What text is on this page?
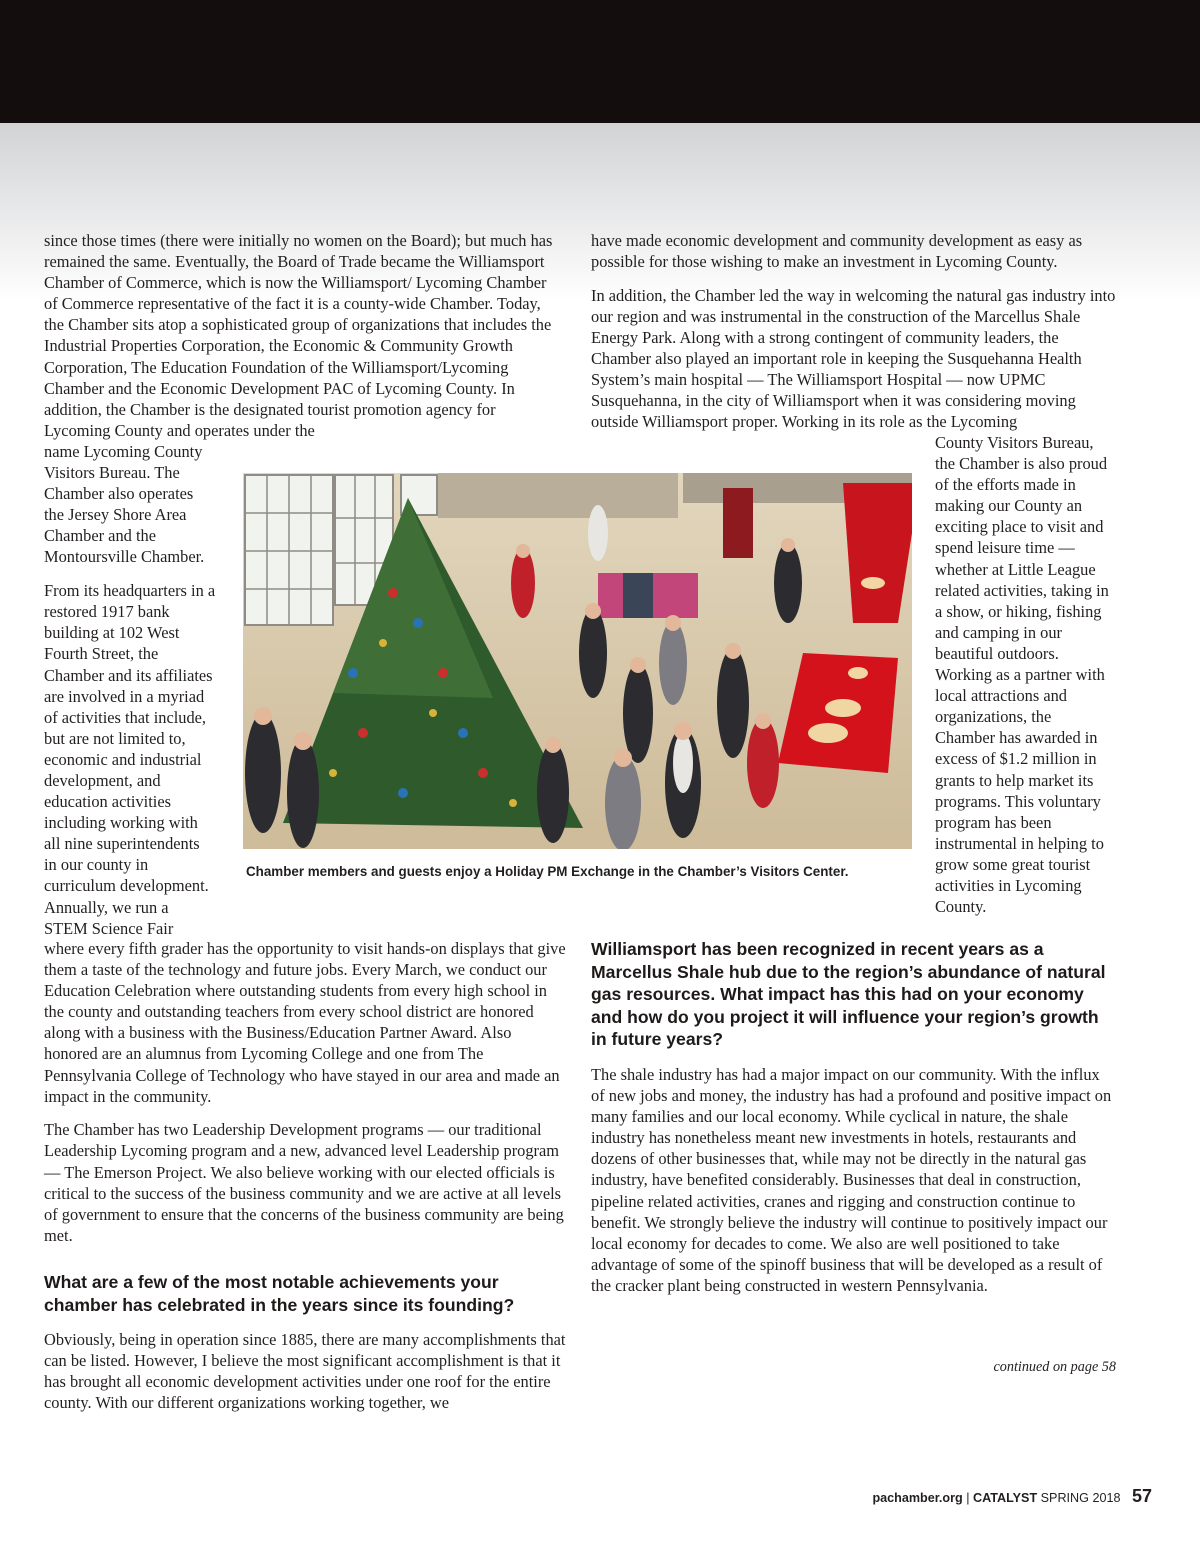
since those times (there were initially no women on the Board); but much has remained the same. Eventually, the Board of Trade became the Williamsport Chamber of Commerce, which is now the Williamsport/ Lycoming Chamber of Commerce representative of the fact it is a county-wide Chamber. Today, the Chamber sits atop a sophisticated group of organizations that includes the Industrial Properties Corporation, the Economic & Community Growth Corporation, The Education Foundation of the Williamsport/Lycoming Chamber and the Economic Development PAC of Lycoming County. In addition, the Chamber is the designated tourist promotion agency for Lycoming County and operates under the

name Lycoming County Visitors Bureau. The Chamber also operates the Jersey Shore Area Chamber and the Montoursville Chamber.

From its headquarters in a restored 1917 bank building at 102 West Fourth Street, the Chamber and its affiliates are involved in a myriad of activities that include, but are not limited to, economic and industrial development, and education activities including working with all nine superintendents in our county in curriculum development. Annually, we run a STEM Science Fair

where every fifth grader has the opportunity to visit hands-on displays that give them a taste of the technology and future jobs. Every March, we conduct our Education Celebration where outstanding students from every high school in the county and outstanding teachers from every school district are honored along with a business with the Business/Education Partner Award. Also honored are an alumnus from Lycoming College and one from The Pennsylvania College of Technology who have stayed in our area and made an impact in the community.

The Chamber has two Leadership Development programs — our traditional Leadership Lycoming program and a new, advanced level Leadership program — The Emerson Project. We also believe working with our elected officials is critical to the success of the business community and we are active at all levels of government to ensure that the concerns of the business community are being met.

What are a few of the most notable achievements your chamber has celebrated in the years since its founding?

Obviously, being in operation since 1885, there are many accomplishments that can be listed. However, I believe the most significant accomplishment is that it has brought all economic development activities under one roof for the entire county. With our different organizations working together, we

have made economic development and community development as easy as possible for those wishing to make an investment in Lycoming County.

In addition, the Chamber led the way in welcoming the natural gas industry into our region and was instrumental in the construction of the Marcellus Shale Energy Park. Along with a strong contingent of community leaders, the Chamber also played an important role in keeping the Susquehanna Health System’s main hospital — The Williamsport Hospital — now UPMC Susquehanna, in the city of Williamsport when it was considering moving outside Williamsport proper. Working in its role as the Lycoming

County Visitors Bureau, the Chamber is also proud of the efforts made in making our County an exciting place to visit and spend leisure time — whether at Little League related activities, taking in a show, or hiking, fishing and camping in our beautiful outdoors. Working as a partner with local attractions and organizations, the Chamber has awarded in excess of $1.2 million in grants to help market its programs. This voluntary program has been instrumental in helping to grow some great tourist activities in Lycoming County.

Williamsport has been recognized in recent years as a Marcellus Shale hub due to the region’s abundance of natural gas resources. What impact has this had on your economy and how do you project it will influence your region’s growth in future years?

The shale industry has had a major impact on our community. With the influx of new jobs and money, the industry has had a profound and positive impact on many families and our local economy. While cyclical in nature, the shale industry has nonetheless meant new investments in hotels, restaurants and dozens of other businesses that, while may not be directly in the natural gas industry, have benefited considerably. Businesses that deal in construction, pipeline related activities, cranes and rigging and construction continue to benefit. We strongly believe the industry will continue to positively impact our local economy for decades to come. We also are well positioned to take advantage of some of the spinoff business that will be developed as a result of the cracker plant being constructed in western Pennsylvania.

Chamber members and guests enjoy a Holiday PM Exchange in the Chamber’s Visitors Center.
continued on page 58
pachamber.org | CATALYST SPRING 2018 57
